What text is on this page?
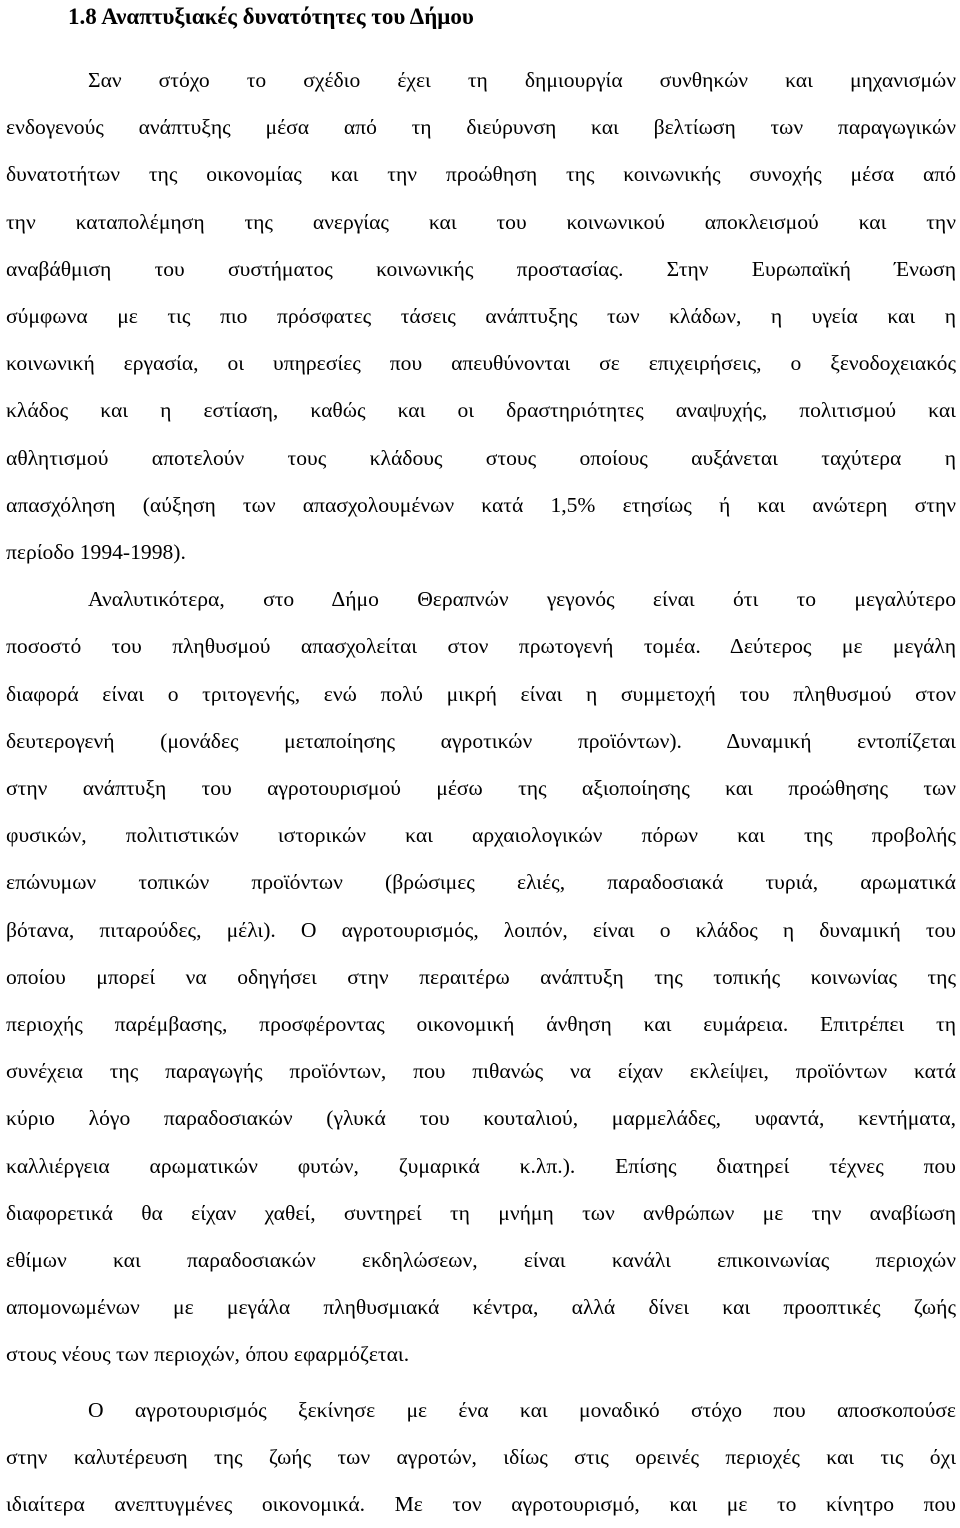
1.8 Αναπτυξιακές δυνατότητες του Δήμου
Σαν στόχο το σχέδιο έχει τη δημιουργία συνθηκών και μηχανισμών
ενδογενούς ανάπτυξης μέσα από τη διεύρυνση και βελτίωση των παραγωγικών
δυνατοτήτων της οικονομίας και την προώθηση της κοινωνικής συνοχής μέσα από
την καταπολέμηση της ανεργίας και του κοινωνικού αποκλεισμού και την
αναβάθμιση του συστήματος κοινωνικής προστασίας. Στην Ευρωπαϊκή Ένωση
σύμφωνα με τις πιο πρόσφατες τάσεις ανάπτυξης των κλάδων, η υγεία και η
κοινωνική εργασία, οι υπηρεσίες που απευθύνονται σε επιχειρήσεις, ο ξενοδοχειακός
κλάδος και η εστίαση, καθώς και οι δραστηριότητες αναψυχής, πολιτισμού και
αθλητισμού αποτελούν τους κλάδους στους οποίους αυξάνεται ταχύτερα η
απασχόληση (αύξηση των απασχολουμένων κατά 1,5% ετησίως ή και ανώτερη στην
περίοδο 1994-1998).
Αναλυτικότερα, στο Δήμο Θεραπνών γεγονός είναι ότι το μεγαλύτερο
ποσοστό του πληθυσμού απασχολείται στον πρωτογενή τομέα. Δεύτερος με μεγάλη
διαφορά είναι ο τριτογενής, ενώ πολύ μικρή είναι η συμμετοχή του πληθυσμού στον
δευτερογενή (μονάδες μεταποίησης αγροτικών προϊόντων). Δυναμική εντοπίζεται
στην ανάπτυξη του αγροτουρισμού μέσω της αξιοποίησης και προώθησης των
φυσικών, πολιτιστικών ιστορικών και αρχαιολογικών πόρων και της προβολής
επώνυμων τοπικών προϊόντων (βρώσιμες ελιές, παραδοσιακά τυριά, αρωματικά
βότανα, πιταρούδες, μέλι). Ο αγροτουρισμός, λοιπόν, είναι ο κλάδος η δυναμική του
οποίου μπορεί να οδηγήσει στην περαιτέρω ανάπτυξη της τοπικής κοινωνίας της
περιοχής παρέμβασης, προσφέροντας οικονομική άνθηση και ευμάρεια. Επιτρέπει τη
συνέχεια της παραγωγής προϊόντων, που πιθανώς να είχαν εκλείψει, προϊόντων κατά
κύριο λόγο παραδοσιακών (γλυκά του κουταλιού, μαρμελάδες, υφαντά, κεντήματα,
καλλιέργεια αρωματικών φυτών, ζυμαρικά κ.λπ.). Επίσης διατηρεί τέχνες που
διαφορετικά θα είχαν χαθεί, συντηρεί τη μνήμη των ανθρώπων με την αναβίωση
εθίμων και παραδοσιακών εκδηλώσεων, είναι κανάλι επικοινωνίας περιοχών
απομονωμένων με μεγάλα πληθυσμιακά κέντρα, αλλά δίνει και προοπτικές ζωής
στους νέους των περιοχών, όπου εφαρμόζεται.
Ο αγροτουρισμός ξεκίνησε με ένα και μοναδικό στόχο που αποσκοπούσε
στην καλυτέρευση της ζωής των αγροτών, ιδίως στις ορεινές περιοχές και τις όχι
ιδιαίτερα ανεπτυγμένες οικονομικά. Με τον αγροτουρισμό, και με το κίνητρο που
